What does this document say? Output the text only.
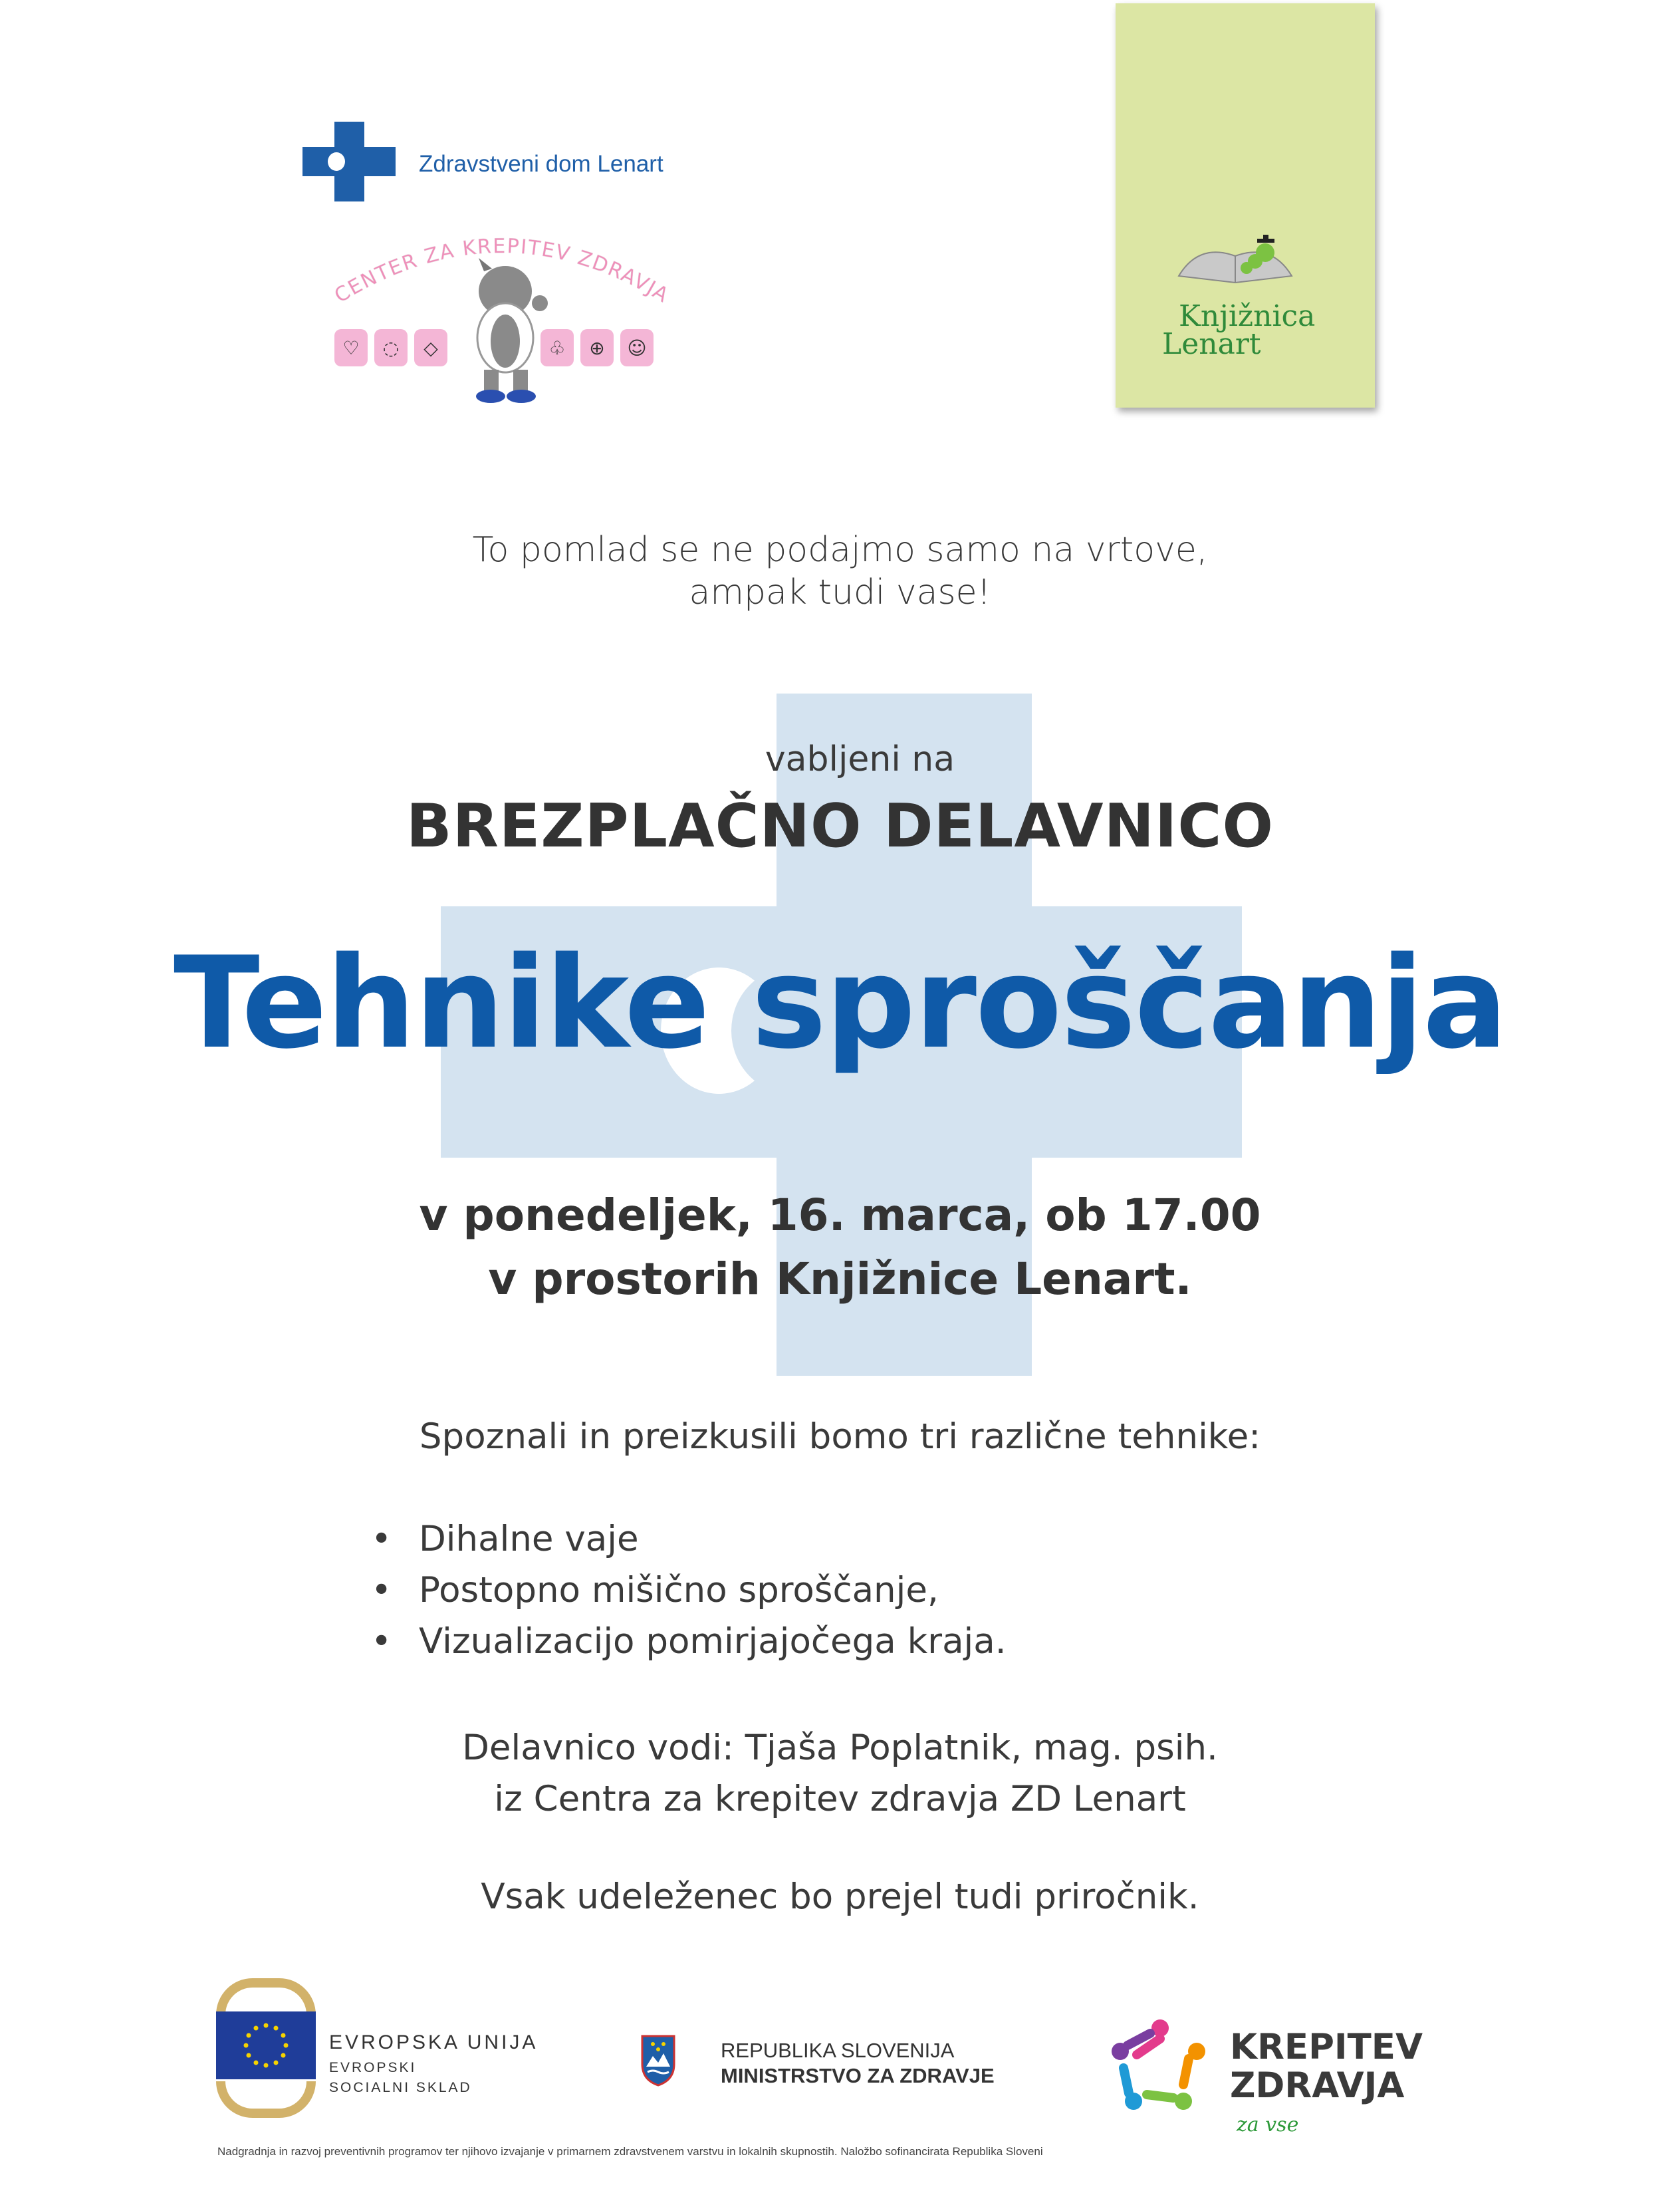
Zdravstveni dom Lenart
CENTER ZA KREPITEV ZDRAVJA
♡	◌	◇	♧	⊕	☺
Knjižnica
Lenart
To pomlad se ne podajmo samo na vrtove,
ampak tudi vase!
vabljeni na
BREZPLAČNO DELAVNICO
Tehnike sproščanja
v ponedeljek, 16. marca, ob 17.00
v prostorih Knjižnice Lenart.
Spoznali in preizkusili bomo tri različne tehnike:
• Dihalne vaje
• Postopno mišično sproščanje,
• Vizualizacijo pomirjajočega kraja.
Delavnico vodi: Tjaša Poplatnik, mag. psih.
iz Centra za krepitev zdravja ZD Lenart
Vsak udeleženec bo prejel tudi priročnik.
EVROPSKA UNIJA
EVROPSKI
SOCIALNI SKLAD
REPUBLIKA SLOVENIJA
MINISTRSTVO ZA ZDRAVJE
KREPITEV
ZDRAVJA
za vse
Nadgradnja in razvoj preventivnih programov ter njihovo izvajanje v primarnem zdravstvenem varstvu in lokalnih skupnostih. Naložbo sofinancirata Republika Sloveni
